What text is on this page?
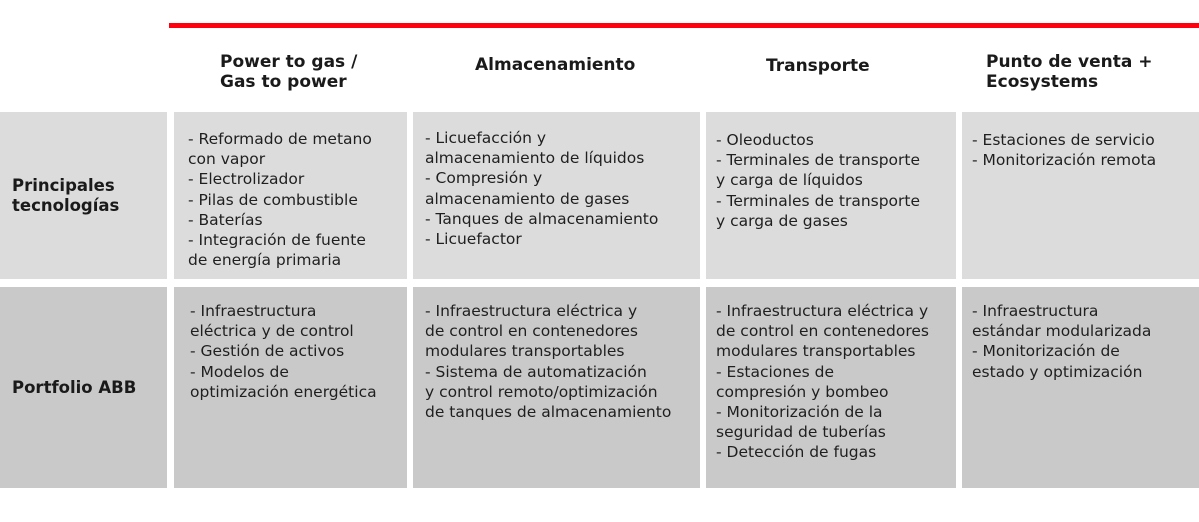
Power to gas /
Gas to power
Almacenamiento	Transporte	Punto de venta +
Ecosystems
Principales
tecnologías
Portfolio ABB
- Reformado de metano
con vapor
- Electrolizador
- Pilas de combustible
- Baterías
- Integración de fuente
de energía primaria
- Licuefacción y
almacenamiento de líquidos
- Compresión y
almacenamiento de gases
- Tanques de almacenamiento
- Licuefactor
- Oleoductos
- Terminales de transporte
y carga de líquidos
- Terminales de transporte
y carga de gases
- Estaciones de servicio
- Monitorización remota
- Infraestructura
eléctrica y de control
- Gestión de activos
- Modelos de
optimización energética
- Infraestructura eléctrica y
de control en contenedores
modulares transportables
- Sistema de automatización
y control remoto/optimización
de tanques de almacenamiento
- Infraestructura eléctrica y
de control en contenedores
modulares transportables
- Estaciones de
compresión y bombeo
- Monitorización de la
seguridad de tuberías
- Detección de fugas
- Infraestructura
estándar modularizada
- Monitorización de
estado y optimización
